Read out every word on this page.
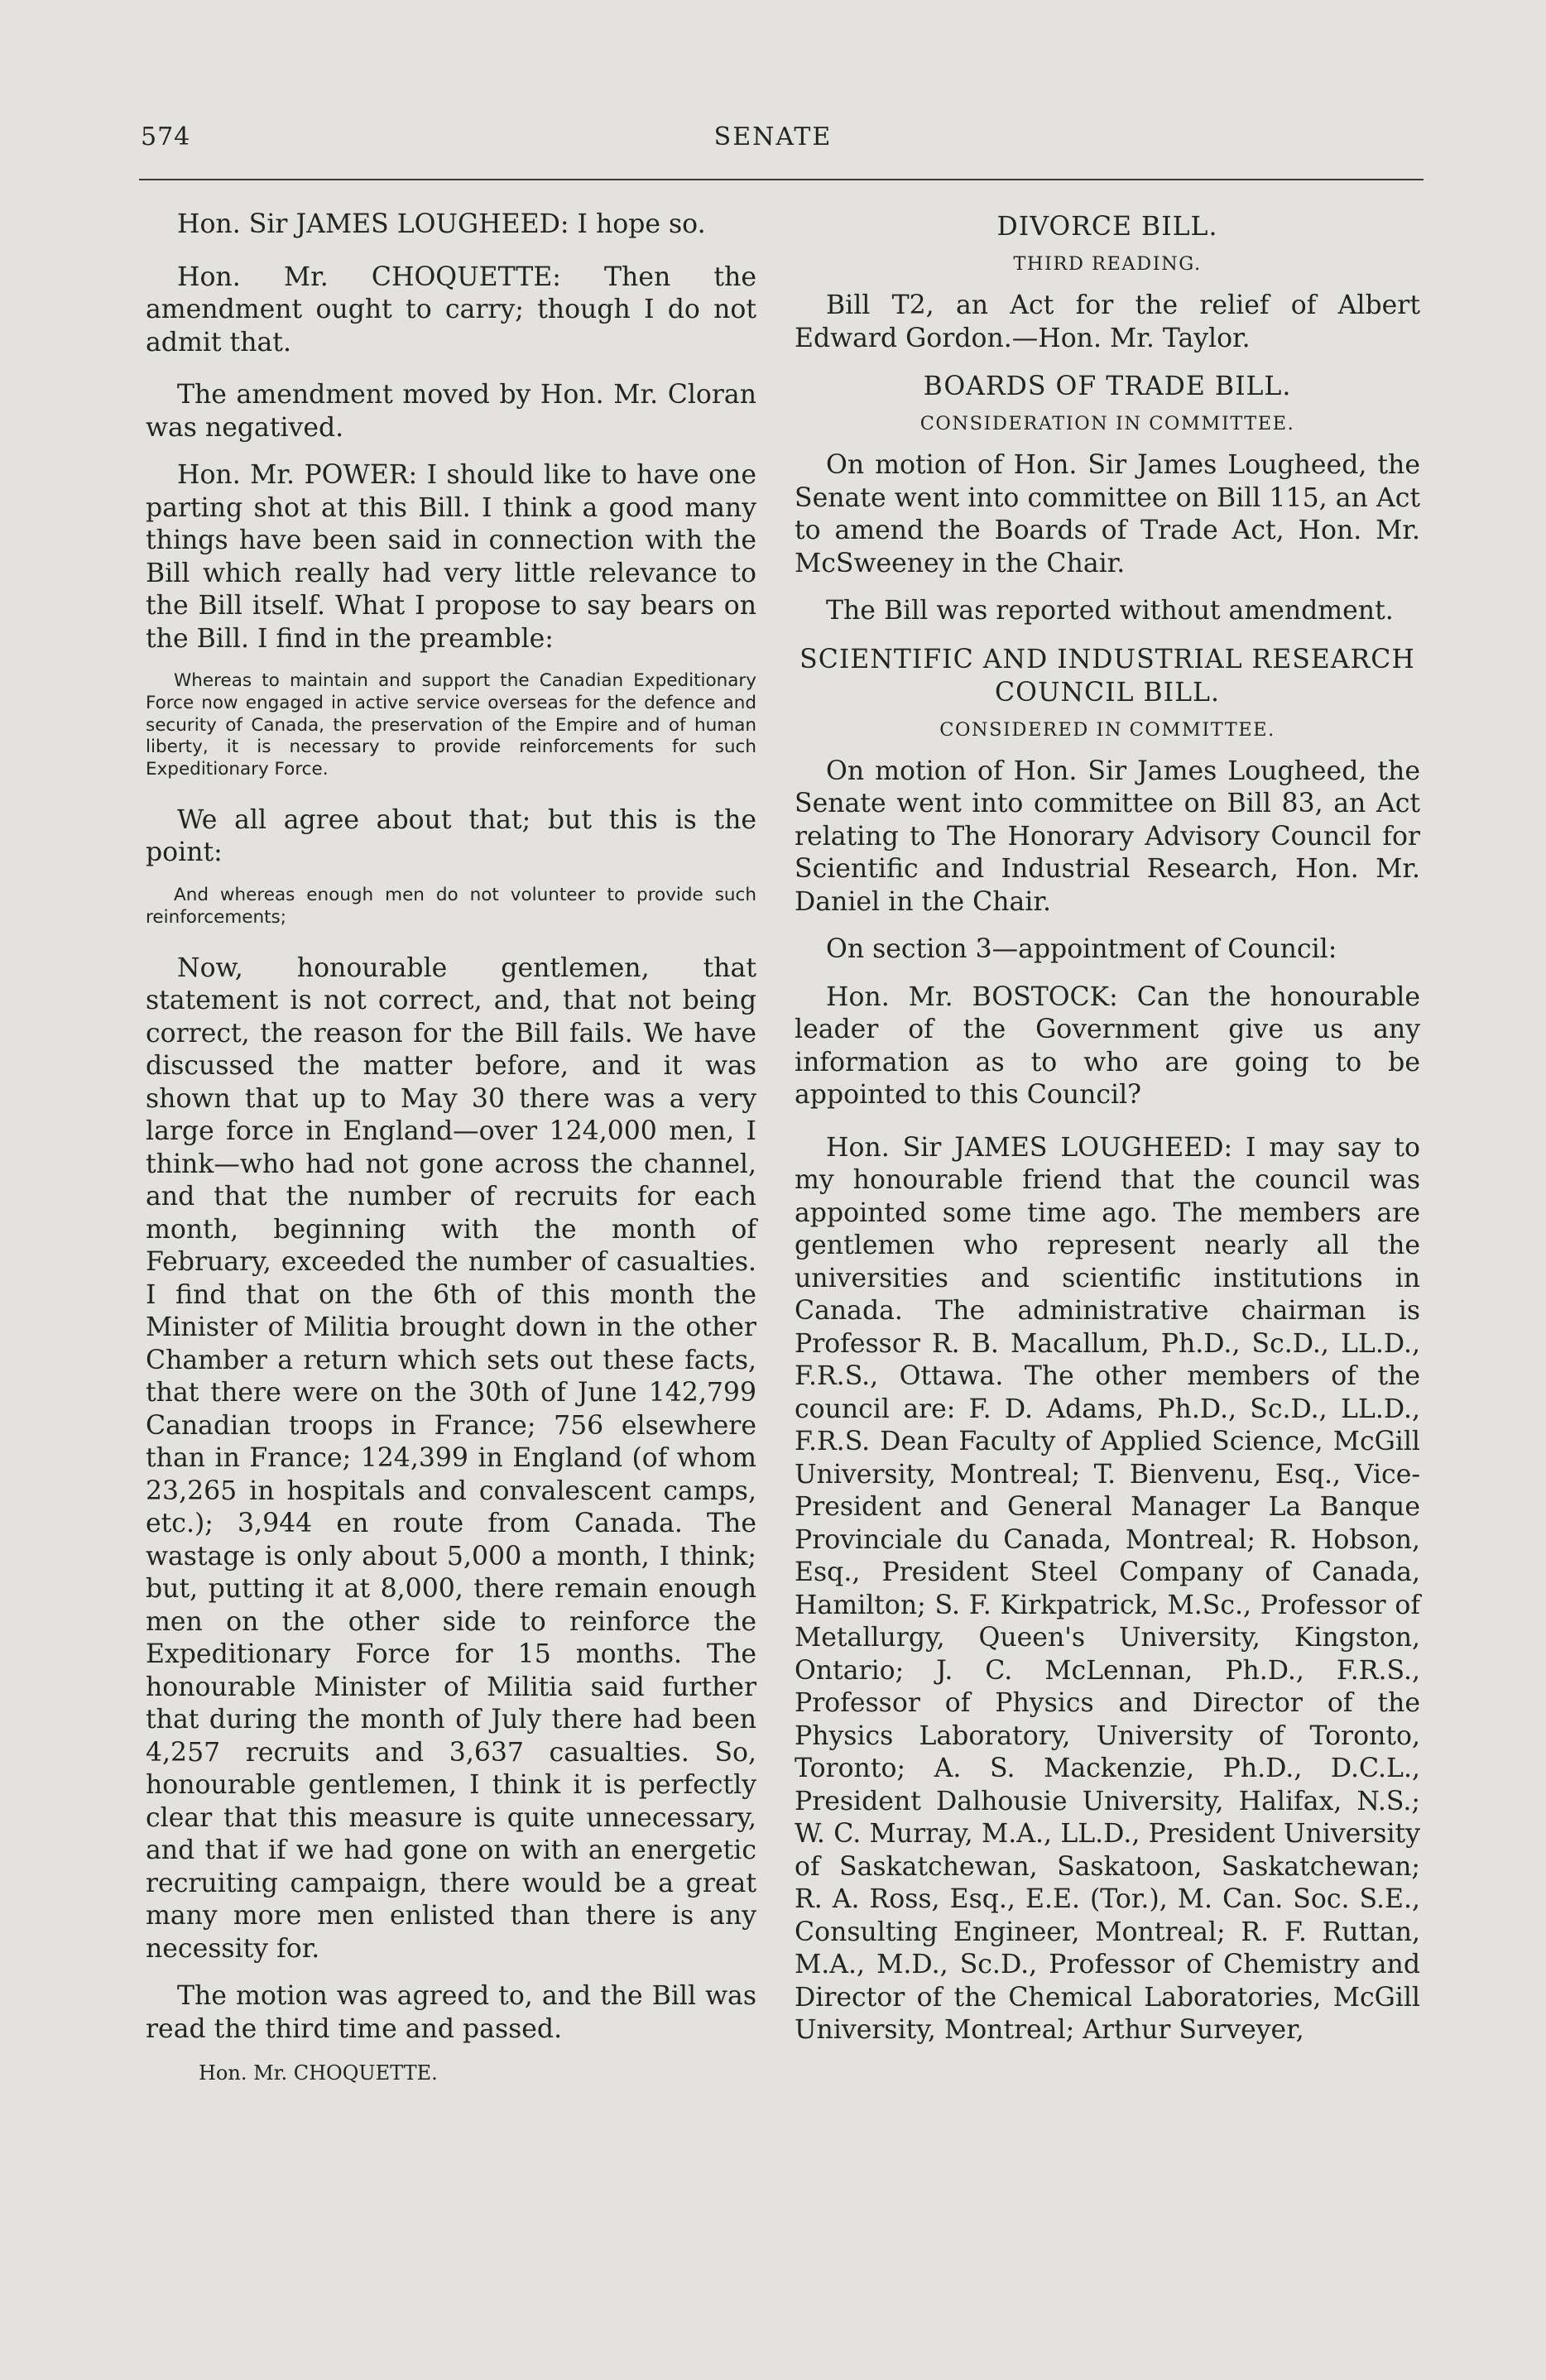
574	SENATE

Hon. Sir JAMES LOUGHEED: I hope so.

Hon. Mr. CHOQUETTE: Then the amendment ought to carry; though I do not admit that.

The amendment moved by Hon. Mr. Cloran was negatived.

Hon. Mr. POWER: I should like to have one parting shot at this Bill. I think a good many things have been said in connection with the Bill which really had very little relevance to the Bill itself. What I propose to say bears on the Bill. I find in the preamble:

Whereas to maintain and support the Canadian Expeditionary Force now engaged in active service overseas for the defence and security of Canada, the preservation of the Empire and of human liberty, it is necessary to provide reinforcements for such Expeditionary Force.

We all agree about that; but this is the point:

And whereas enough men do not volunteer to provide such reinforcements;

Now, honourable gentlemen, that statement is not correct, and, that not being correct, the reason for the Bill fails. We have discussed the matter before, and it was shown that up to May 30 there was a very large force in England—over 124,000 men, I think—who had not gone across the channel, and that the number of recruits for each month, beginning with the month of February, exceeded the number of casualties. I find that on the 6th of this month the Minister of Militia brought down in the other Chamber a return which sets out these facts, that there were on the 30th of June 142,799 Canadian troops in France; 756 elsewhere than in France; 124,399 in England (of whom 23,265 in hospitals and convalescent camps, etc.); 3,944 en route from Canada. The wastage is only about 5,000 a month, I think; but, putting it at 8,000, there remain enough men on the other side to reinforce the Expeditionary Force for 15 months. The honourable Minister of Militia said further that during the month of July there had been 4,257 recruits and 3,637 casualties. So, honourable gentlemen, I think it is perfectly clear that this measure is quite unnecessary, and that if we had gone on with an energetic recruiting campaign, there would be a great many more men enlisted than there is any necessity for.

The motion was agreed to, and the Bill was read the third time and passed.

Hon. Mr. CHOQUETTE.

DIVORCE BILL.
THIRD READING.

Bill T2, an Act for the relief of Albert Edward Gordon.—Hon. Mr. Taylor.

BOARDS OF TRADE BILL.
CONSIDERATION IN COMMITTEE.

On motion of Hon. Sir James Lougheed, the Senate went into committee on Bill 115, an Act to amend the Boards of Trade Act, Hon. Mr. McSweeney in the Chair.

The Bill was reported without amendment.

SCIENTIFIC AND INDUSTRIAL RESEARCH COUNCIL BILL.
CONSIDERED IN COMMITTEE.

On motion of Hon. Sir James Lougheed, the Senate went into committee on Bill 83, an Act relating to The Honorary Advisory Council for Scientific and Industrial Research, Hon. Mr. Daniel in the Chair.

On section 3—appointment of Council:

Hon. Mr. BOSTOCK: Can the honourable leader of the Government give us any information as to who are going to be appointed to this Council?

Hon. Sir JAMES LOUGHEED: I may say to my honourable friend that the council was appointed some time ago. The members are gentlemen who represent nearly all the universities and scientific institutions in Canada. The administrative chairman is Professor R. B. Macallum, Ph.D., Sc.D., LL.D., F.R.S., Ottawa. The other members of the council are: F. D. Adams, Ph.D., Sc.D., LL.D., F.R.S. Dean Faculty of Applied Science, McGill University, Montreal; T. Bienvenu, Esq., Vice-President and General Manager La Banque Provinciale du Canada, Montreal; R. Hobson, Esq., President Steel Company of Canada, Hamilton; S. F. Kirkpatrick, M.Sc., Professor of Metallurgy, Queen's University, Kingston, Ontario; J. C. McLennan, Ph.D., F.R.S., Professor of Physics and Director of the Physics Laboratory, University of Toronto, Toronto; A. S. Mackenzie, Ph.D., D.C.L., President Dalhousie University, Halifax, N.S.; W. C. Murray, M.A., LL.D., President University of Saskatchewan, Saskatoon, Saskatchewan; R. A. Ross, Esq., E.E. (Tor.), M. Can. Soc. S.E., Consulting Engineer, Montreal; R. F. Ruttan, M.A., M.D., Sc.D., Professor of Chemistry and Director of the Chemical Laboratories, McGill University, Montreal; Arthur Surveyer,
